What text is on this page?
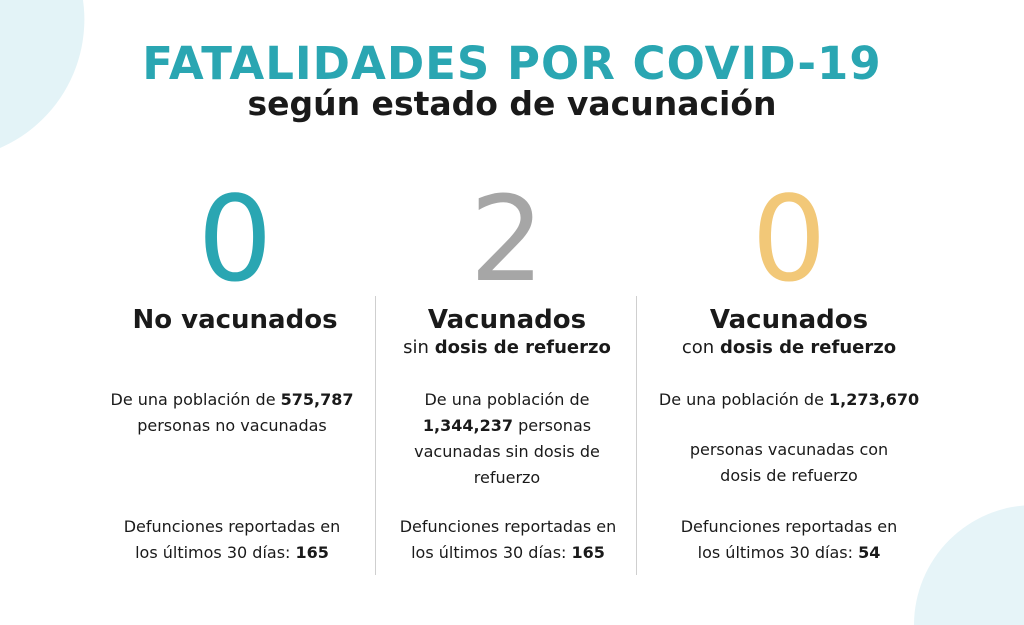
FATALIDADES POR COVID-19
según estado de vacunación
0
No vacunados
De una población de 575,787
personas no vacunadas
Defunciones reportadas en
los últimos 30 días: 165
2
Vacunados
sin dosis de refuerzo
De una población de 1,344,237 personas vacunadas sin dosis de refuerzo
Defunciones reportadas en
los últimos 30 días: 165
0
Vacunados
con dosis de refuerzo
De una población de 1,273,670
personas vacunadas con dosis de refuerzo
Defunciones reportadas en
los últimos 30 días: 54
